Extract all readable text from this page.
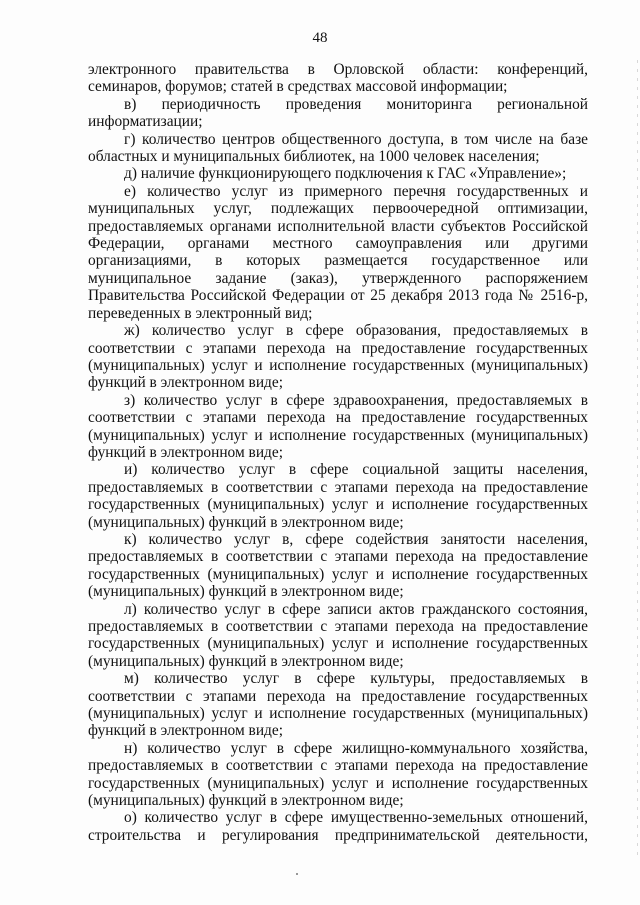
48

электронного правительства в Орловской области: конференций, семинаров, форумов; статей в средствах массовой информации;

в) периодичность проведения мониторинга региональной информатизации;

г) количество центров общественного доступа, в том числе на базе областных и муниципальных библиотек, на 1000 человек населения;

д) наличие функционирующего подключения к ГАС «Управление»;

е) количество услуг из примерного перечня государственных и муниципальных услуг, подлежащих первоочередной оптимизации, предоставляемых органами исполнительной власти субъектов Российской Федерации, органами местного самоуправления или другими организациями, в которых размещается государственное или муниципальное задание (заказ), утвержденного распоряжением Правительства Российской Федерации от 25 декабря 2013 года № 2516-р, переведенных в электронный вид;

ж) количество услуг в сфере образования, предоставляемых в соответствии с этапами перехода на предоставление государственных (муниципальных) услуг и исполнение государственных (муниципальных) функций в электронном виде;

з) количество услуг в сфере здравоохранения, предоставляемых в соответствии с этапами перехода на предоставление государственных (муниципальных) услуг и исполнение государственных (муниципальных) функций в электронном виде;

и) количество услуг в сфере социальной защиты населения, предоставляемых в соответствии с этапами перехода на предоставление государственных (муниципальных) услуг и исполнение государственных (муниципальных) функций в электронном виде;

к) количество услуг в, сфере содействия занятости населения, предоставляемых в соответствии с этапами перехода на предоставление государственных (муниципальных) услуг и исполнение государственных (муниципальных) функций в электронном виде;

л) количество услуг в сфере записи актов гражданского состояния, предоставляемых в соответствии с этапами перехода на предоставление государственных (муниципальных) услуг и исполнение государственных (муниципальных) функций в электронном виде;

м) количество услуг в сфере культуры, предоставляемых в соответствии с этапами перехода на предоставление государственных (муниципальных) услуг и исполнение государственных (муниципальных) функций в электронном виде;

н) количество услуг в сфере жилищно-коммунального хозяйства, предоставляемых в соответствии с этапами перехода на предоставление государственных (муниципальных) услуг и исполнение государственных (муниципальных) функций в электронном виде;

о) количество услуг в сфере имущественно-земельных отношений, строительства и регулирования предпринимательской деятельности,
